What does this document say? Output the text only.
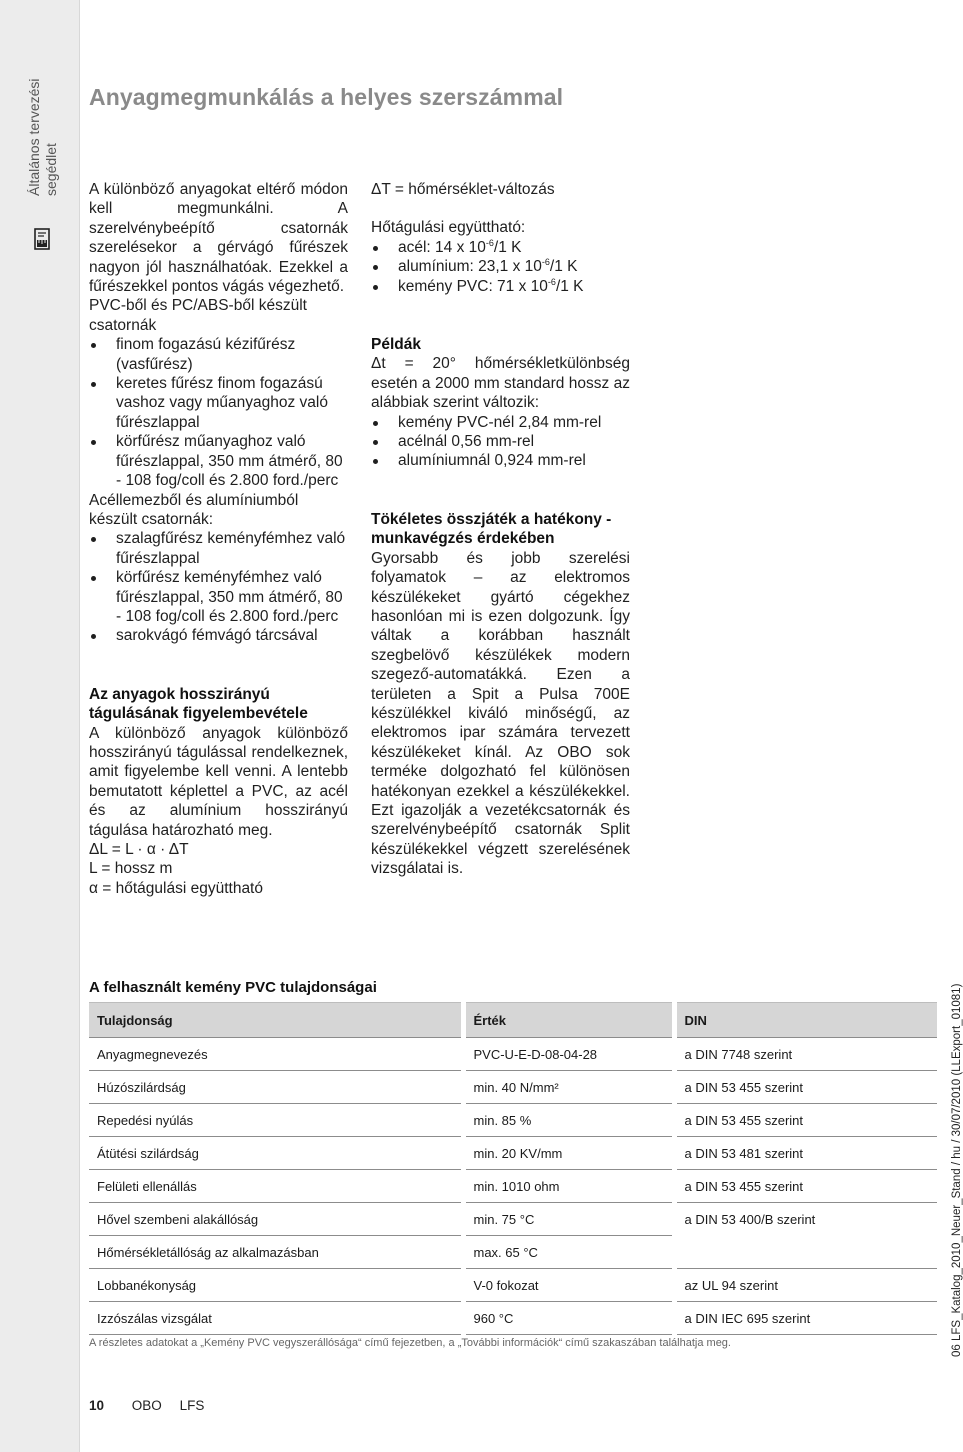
Általános tervezési segédlet
06 LFS_Katalog_2010_Neuer_Stand / hu / 30/07/2010 (LLExport_01081)
Anyagmegmunkálás a helyes szerszámmal

A különböző anyagokat eltérő módon kell megmunkálni. A szerelvénybeépítő csatornák szerelésekor a gérvágó fűrészek nagyon jól használhatóak. Ezekkel a fűrészekkel pontos vágás végezhető.

PVC-ből és PC/ABS-ből készült csatornák

finom fogazású kézifűrész (vasfűrész)
keretes fűrész finom fogazású vashoz vagy műanyaghoz való fűrészlappal
körfűrész műanyaghoz való fűrészlappal, 350 mm átmérő, 80 - 108 fog/coll és 2.800 ford./perc

Acéllemezből és alumíniumból készült csatornák:

szalagfűrész keményfémhez való fűrészlappal
körfűrész keményfémhez való fűrészlappal, 350 mm átmérő, 80 - 108 fog/coll és 2.800 ford./perc
sarokvágó fémvágó tárcsával

Az anyagok hosszirányú tágulásának figyelembevétele

A különböző anyagok különböző hosszirányú tágulással rendelkeznek, amit figyelembe kell venni. A lentebb bemutatott képlettel a PVC, az acél és az alumínium hosszirányú tágulása határozható meg.

ΔL = L · α · ΔT

L = hossz m

α = hőtágulási együttható

ΔT = hőmérséklet-változás

Hőtágulási együttható:

acél: 14 x $10^{-6}/1$ K
alumínium: 23,1 x $10^{-6}/1$ K
kemény PVC: 71 x $10^{-6}/1$ K

Példák

Δt = 20° hőmérsékletkülönbség esetén a 2000 mm standard hossz az alábbiak szerint változik:

kemény PVC-nél 2,84 mm-rel
acélnál 0,56 mm-rel
alumíniumnál 0,924 mm-rel

Tökéletes összjáték a hatékony - munkavégzés érdekében

Gyorsabb és jobb szerelési folyamatok – az elektromos készülékeket gyártó cégekhez hasonlóan mi is ezen dolgozunk. Így váltak a korábban használt szegbelövő készülékek modern szegező-automatákká. Ezen a területen a Spit a Pulsa 700E készülékkel kiváló minőségű, az elektromos ipar számára tervezett készülékeket kínál. Az OBO sok terméke dolgozható fel különösen hatékonyan ezekkel a készülékekkel. Ezt igazolják a vezetékcsatornák és szerelvénybeépítő csatornák Split készülékekkel végzett szerelésének vizsgálatai is.

A felhasznált kemény PVC tulajdonságai
Tulajdonság	Érték	DIN
Anyagmegnevezés	PVC-U-E-D-08-04-28	a DIN 7748 szerint
Húzószilárdság	min. 40 N/mm²	a DIN 53 455 szerint
Repedési nyúlás	min. 85 %	a DIN 53 455 szerint
Átütési szilárdság	min. 20 KV/mm	a DIN 53 481 szerint
Felületi ellenállás	min. 1010 ohm	a DIN 53 455 szerint
Hővel szembeni alakállóság	min. 75 °C	a DIN 53 400/B szerint
Hőmérsékletállóság az alkalmazásban	max. 65 °C	
Lobbanékonyság	V-0 fokozat	az UL 94 szerint
Izzószálas vizsgálat	960 °C	a DIN IEC 695 szerint
A részletes adatokat a „Kemény PVC vegyszerállósága“ című fejezetben, a „További információk“ című szakaszában találhatja meg.
10 OBO LFS
